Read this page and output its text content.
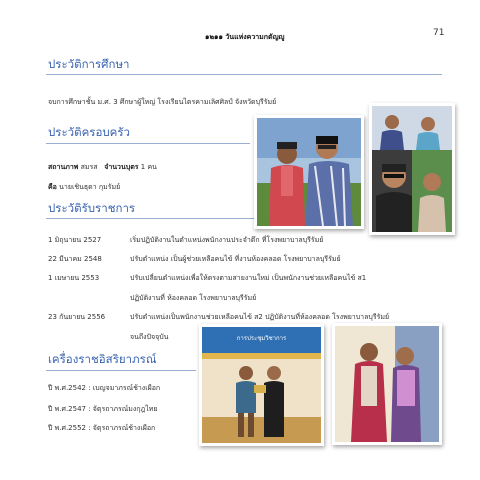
๑๒๑๑ วันแห่งความกตัญญู	71
ประวัติการศึกษา
จบการศึกษาชั้น ม.ศ. 3 ศึกษาผู้ใหญ่ โรงเรียนไตรคามเลิศศิลป์ จังหวัดบุรีรัมย์
ประวัติครอบครัว
สถานภาพ สมรส จำนวนบุตร 1 คน
คือ นายเชินธุดา กุมรัมย์
ประวัติรับราชการ
1 มิถุนายน 2527	เริ่มปฏิบัติงานในตำแหน่งพนักงานประจำตึก ที่โรงพยาบาลบุรีรัมย์
22 มีนาคม 2548	ปรับตำแหน่ง เป็นผู้ช่วยเหลือคนไข้ ที่งานห้องคลอด โรงพยาบาลบุรีรัมย์
1 เมษายน 2553	ปรับเปลี่ยนตำแหน่งเพื่อให้ตรงตามสายงานใหม่ เป็นพนักงานช่วยเหลือคนไข้ ส1
ปฏิบัติงานที่ ห้องคลอด โรงพยาบาลบุรีรัมย์
23 กันยายน 2556	ปรับตำแหน่งเป็นพนักงานช่วยเหลือคนไข้ ส2 ปฏิบัติงานที่ห้องคลอด โรงพยาบาลบุรีรัมย์
จนถึงปัจจุบัน
เครื่องราชอิสริยาภรณ์
ปี พ.ศ.2542 : เบญจมาภรณ์ช้างเผือก
ปี พ.ศ.2547 : จัตุรถาภรณ์มงกุฎไทย
ปี พ.ศ.2552 : จัตุรถาภรณ์ช้างเผือก
การประชุมวิชาการ
